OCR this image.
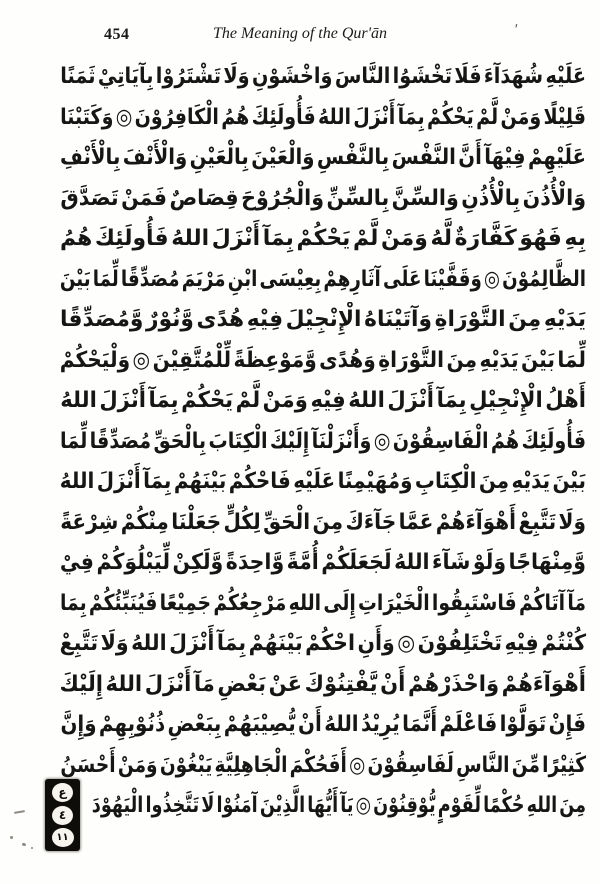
454	The Meaning of the Qur'ān	'
عَلَيْهِ شُهَدَآءَ فَلَا تَخْشَوُا النَّاسَ وَاخْشَوْنِ وَلَا تَشْتَرُوْا بِآيَاتِيْ ثَمَنًا
قَلِيْلًا وَمَنْ لَّمْ يَحْكُمْ بِمَآ أَنْزَلَ اللهُ فَأُولَئِكَ هُمُ الْكَافِرُوْنَ ◎ وَكَتَبْنَا
عَلَيْهِمْ فِيْهَآ أَنَّ النَّفْسَ بِالنَّفْسِ وَالْعَيْنَ بِالْعَيْنِ وَالْأَنْفَ بِالْأَنْفِ
وَالْأُذُنَ بِالْأُذُنِ وَالسِّنَّ بِالسِّنِّ وَالْجُرُوْحَ قِصَاصٌ فَمَنْ تَصَدَّقَ
بِهِ فَهُوَ كَفَّارَةٌ لَّهُ وَمَنْ لَّمْ يَحْكُمْ بِمَآ أَنْزَلَ اللهُ فَأُولَئِكَ هُمُ
الظَّالِمُوْنَ ◎ وَقَفَّيْنَا عَلَى آثَارِهِمْ بِعِيْسَى ابْنِ مَرْيَمَ مُصَدِّقًا لِّمَا بَيْنَ
يَدَيْهِ مِنَ التَّوْرَاةِ وَآتَيْنَاهُ الْإِنْجِيْلَ فِيْهِ هُدًى وَّنُوْرٌ وَّمُصَدِّقًا
لِّمَا بَيْنَ يَدَيْهِ مِنَ التَّوْرَاةِ وَهُدًى وَّمَوْعِظَةً لِّلْمُتَّقِيْنَ ◎ وَلْيَحْكُمْ
أَهْلُ الْإِنْجِيْلِ بِمَآ أَنْزَلَ اللهُ فِيْهِ وَمَنْ لَّمْ يَحْكُمْ بِمَآ أَنْزَلَ اللهُ
فَأُولَئِكَ هُمُ الْفَاسِقُوْنَ ◎ وَأَنْزَلْنَآ إِلَيْكَ الْكِتَابَ بِالْحَقِّ مُصَدِّقًا لِّمَا
بَيْنَ يَدَيْهِ مِنَ الْكِتَابِ وَمُهَيْمِنًا عَلَيْهِ فَاحْكُمْ بَيْنَهُمْ بِمَآ أَنْزَلَ اللهُ
وَلَا تَتَّبِعْ أَهْوَآءَهُمْ عَمَّا جَآءَكَ مِنَ الْحَقِّ لِكُلٍّ جَعَلْنَا مِنْكُمْ شِرْعَةً
وَّمِنْهَاجًا وَلَوْ شَآءَ اللهُ لَجَعَلَكُمْ أُمَّةً وَّاحِدَةً وَّلَكِنْ لِّيَبْلُوَكُمْ فِيْ
مَآ آتَاكُمْ فَاسْتَبِقُوا الْخَيْرَاتِ إِلَى اللهِ مَرْجِعُكُمْ جَمِيْعًا فَيُنَبِّئُكُمْ بِمَا
كُنْتُمْ فِيْهِ تَخْتَلِفُوْنَ ◎ وَأَنِ احْكُمْ بَيْنَهُمْ بِمَآ أَنْزَلَ اللهُ وَلَا تَتَّبِعْ
أَهْوَآءَهُمْ وَاحْذَرْهُمْ أَنْ يَّفْتِنُوْكَ عَنْ بَعْضِ مَآ أَنْزَلَ اللهُ إِلَيْكَ
فَإِنْ تَوَلَّوْا فَاعْلَمْ أَنَّمَا يُرِيْدُ اللهُ أَنْ يُّصِيْبَهُمْ بِبَعْضِ ذُنُوْبِهِمْ وَإِنَّ
كَثِيْرًا مِّنَ النَّاسِ لَفَاسِقُوْنَ ◎ أَفَحُكْمَ الْجَاهِلِيَّةِ يَبْغُوْنَ وَمَنْ أَحْسَنُ
مِنَ اللهِ حُكْمًا لِّقَوْمٍ يُّوْقِنُوْنَ ◎ يَآ أَيُّهَا الَّذِيْنَ آمَنُوْا لَا تَتَّخِذُوا الْيَهُوْدَ
ع
٤
١١
